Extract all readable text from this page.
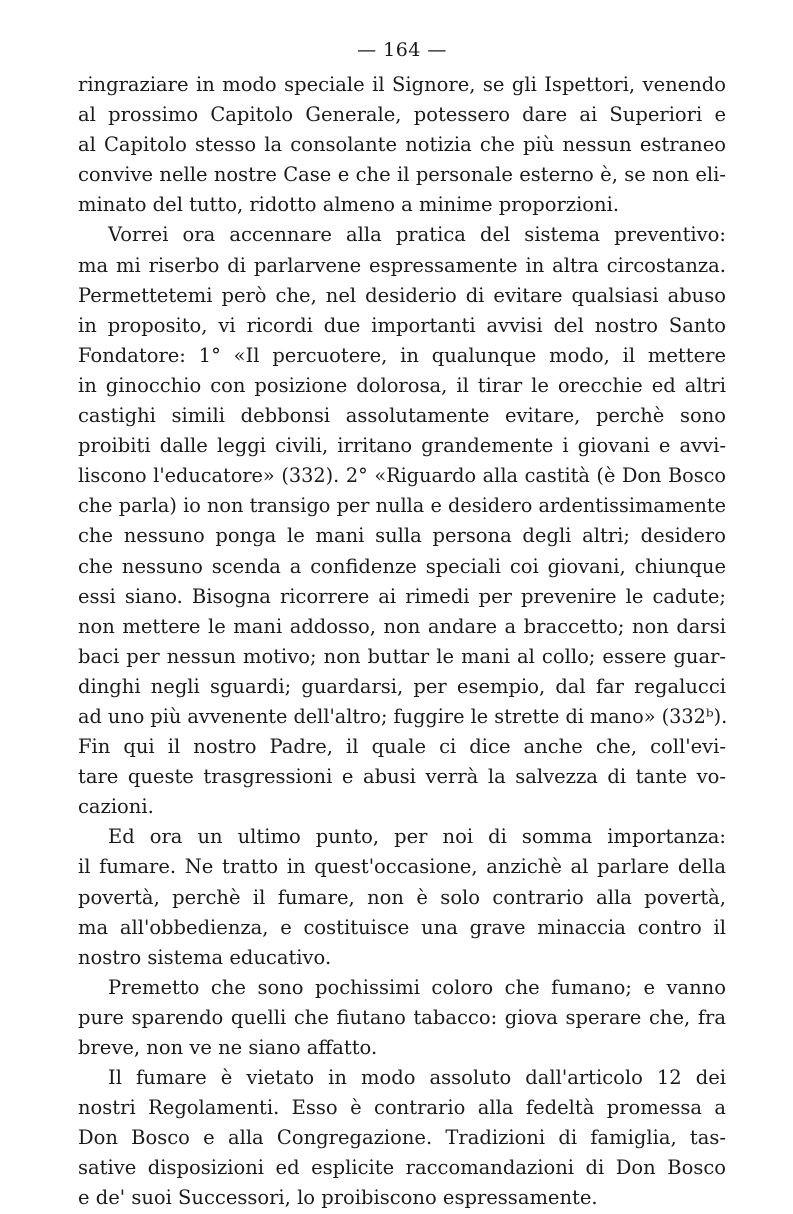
— 164 —
ringraziare in modo speciale il Signore, se gli Ispettori, venendo
al prossimo Capitolo Generale, potessero dare ai Superiori e
al Capitolo stesso la consolante notizia che più nessun estraneo
convive nelle nostre Case e che il personale esterno è, se non eli-
minato del tutto, ridotto almeno a minime proporzioni.
Vorrei ora accennare alla pratica del sistema preventivo:
ma mi riserbo di parlarvene espressamente in altra circostanza.
Permettetemi però che, nel desiderio di evitare qualsiasi abuso
in proposito, vi ricordi due importanti avvisi del nostro Santo
Fondatore: 1° «Il percuotere, in qualunque modo, il mettere
in ginocchio con posizione dolorosa, il tirar le orecchie ed altri
castighi simili debbonsi assolutamente evitare, perchè sono
proibiti dalle leggi civili, irritano grandemente i giovani e avvi-
liscono l'educatore» (332). 2° «Riguardo alla castità (è Don Bosco
che parla) io non transigo per nulla e desidero ardentissimamente
che nessuno ponga le mani sulla persona degli altri; desidero
che nessuno scenda a confidenze speciali coi giovani, chiunque
essi siano. Bisogna ricorrere ai rimedi per prevenire le cadute;
non mettere le mani addosso, non andare a braccetto; non darsi
baci per nessun motivo; non buttar le mani al collo; essere guar-
dinghi negli sguardi; guardarsi, per esempio, dal far regalucci
ad uno più avvenente dell'altro; fuggire le strette di mano» (332ᵇ).
Fin qui il nostro Padre, il quale ci dice anche che, coll'evi-
tare queste trasgressioni e abusi verrà la salvezza di tante vo-
cazioni.
Ed ora un ultimo punto, per noi di somma importanza:
il fumare. Ne tratto in quest'occasione, anzichè al parlare della
povertà, perchè il fumare, non è solo contrario alla povertà,
ma all'obbedienza, e costituisce una grave minaccia contro il
nostro sistema educativo.
Premetto che sono pochissimi coloro che fumano; e vanno
pure sparendo quelli che fiutano tabacco: giova sperare che, fra
breve, non ve ne siano affatto.
Il fumare è vietato in modo assoluto dall'articolo 12 dei
nostri Regolamenti. Esso è contrario alla fedeltà promessa a
Don Bosco e alla Congregazione. Tradizioni di famiglia, tas-
sative disposizioni ed esplicite raccomandazioni di Don Bosco
e de' suoi Successori, lo proibiscono espressamente.
